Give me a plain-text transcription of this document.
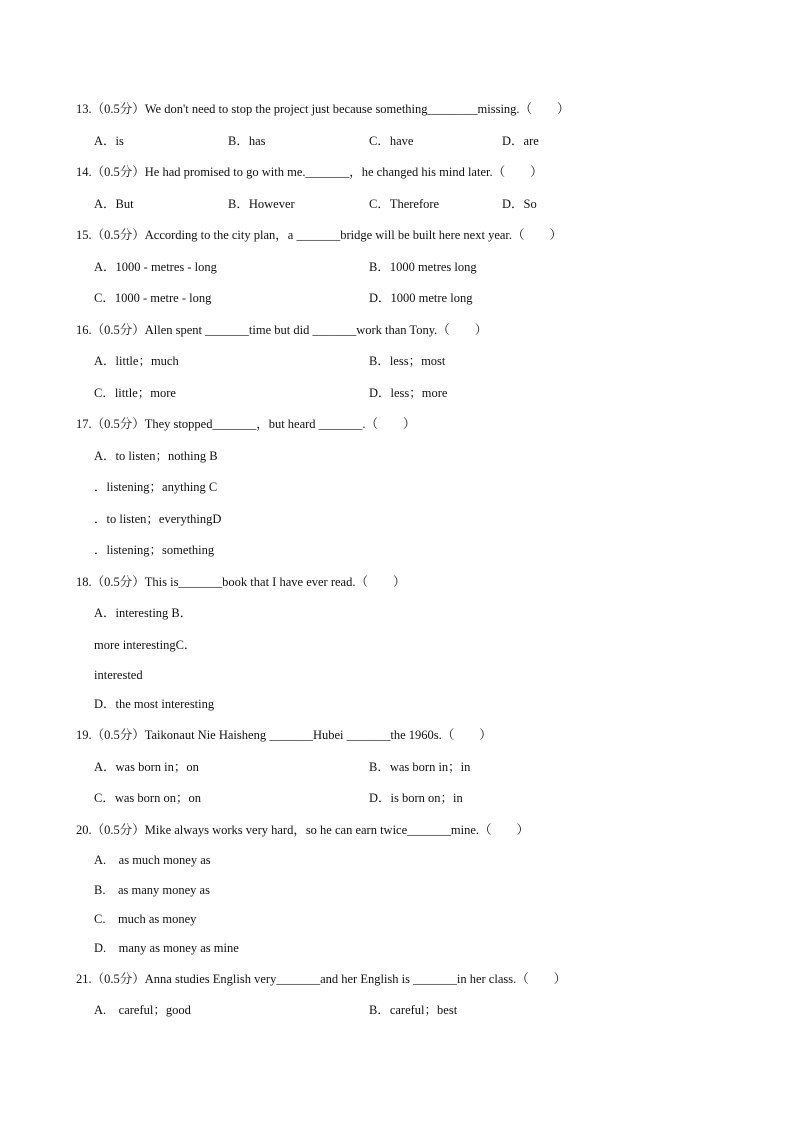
13.（0.5分）We don't need to stop the project just because something________missing.（　　）
A．is	B．has	C．have	D．are
14.（0.5分）He had promised to go with me._______，he changed his mind later.（　　）
A．But	B．However	C．Therefore	D．So
15.（0.5分）According to the city plan，a _______bridge will be built here next year.（　　）
A．1000 - metres - long	B．1000 metres long
C．1000 - metre - long	D．1000 metre long
16.（0.5分）Allen spent _______time but did _______work than Tony.（　　）
A．little；much	B．less；most
C．little；more	D．less；more
17.（0.5分）They stopped_______，but heard _______.（　　）
A．to listen；nothing B
．listening；anything C
．to listen；everythingD
．listening；something
18.（0.5分）This is_______book that I have ever read.（　　）
A．interesting B．
more interestingC．
interested
D．the most interesting
19.（0.5分）Taikonaut Nie Haisheng _______Hubei _______the 1960s.（　　）
A．was born in；on	B．was born in；in
C．was born on；on	D．is born on；in
20.（0.5分）Mike always works very hard，so he can earn twice_______mine.（　　）
A.　as much money as
B.　as many money as
C.　much as money
D.　many as money as mine
21.（0.5分）Anna studies English very_______and her English is _______in her class.（　　）
A.　careful；good	B．careful；best
